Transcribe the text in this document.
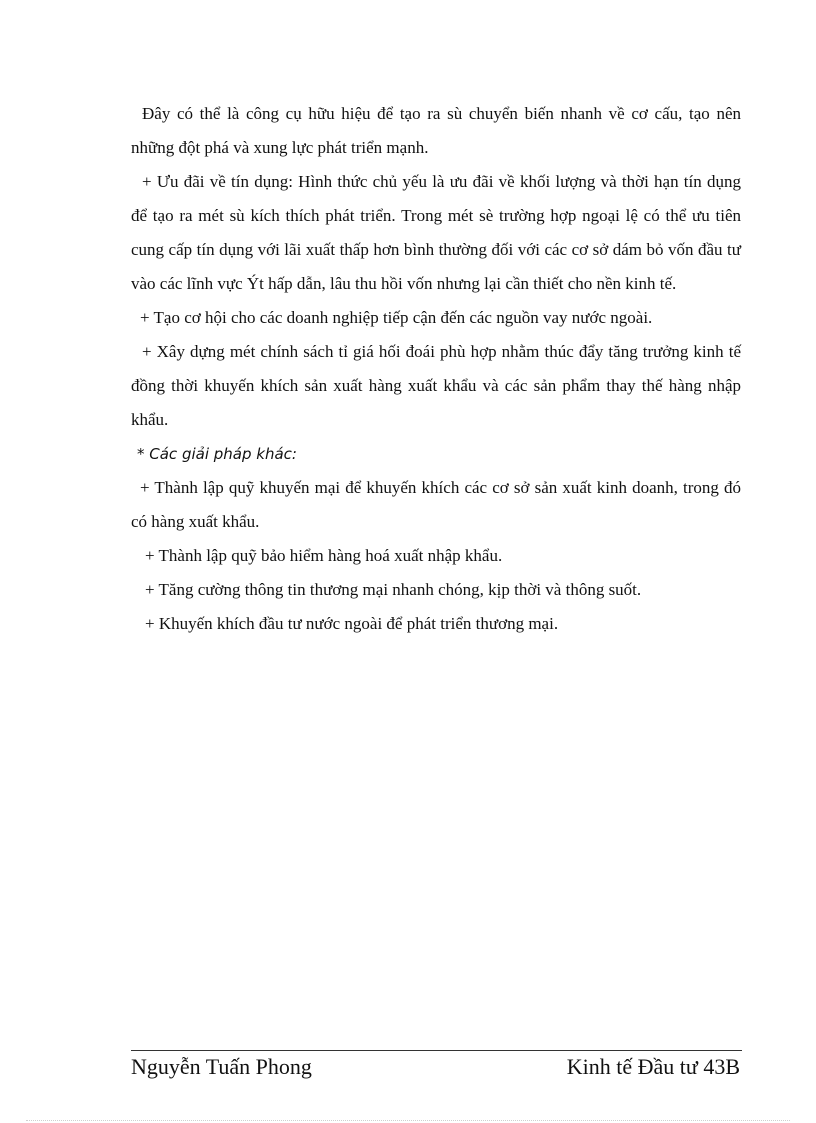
Đây có thể là công cụ hữu hiệu để tạo ra sù chuyển biến nhanh về cơ cấu, tạo nên những đột phá và xung lực phát triển mạnh.

+ Ưu đãi về tín dụng: Hình thức chủ yếu là ưu đãi về khối lượng và thời hạn tín dụng để tạo ra mét sù kích thích phát triển. Trong mét sè trường hợp ngoại lệ có thể ưu tiên cung cấp tín dụng với lãi xuất thấp hơn bình thường đối với các cơ sở dám bỏ vốn đầu tư vào các lĩnh vực Ýt hấp dẫn, lâu thu hồi vốn nhưng lại cần thiết cho nền kinh tế.

+ Tạo cơ hội cho các doanh nghiệp tiếp cận đến các nguồn vay nước ngoài.

+ Xây dựng mét chính sách tỉ giá hối đoái phù hợp nhằm thúc đẩy tăng trưởng kinh tế đồng thời khuyến khích sản xuất hàng xuất khẩu và các sản phẩm thay thế hàng nhập khẩu.

* Các giải pháp khác:

+ Thành lập quỹ khuyến mại để khuyến khích các cơ sở sản xuất kinh doanh, trong đó có hàng xuất khẩu.

+ Thành lập quỹ bảo hiểm hàng hoá xuất nhập khẩu.

+ Tăng cường thông tin thương mại nhanh chóng, kịp thời và thông suốt.

+ Khuyến khích đầu tư nước ngoài để phát triển thương mại.

Nguyễn Tuấn Phong	Kinh tế Đầu tư 43B
